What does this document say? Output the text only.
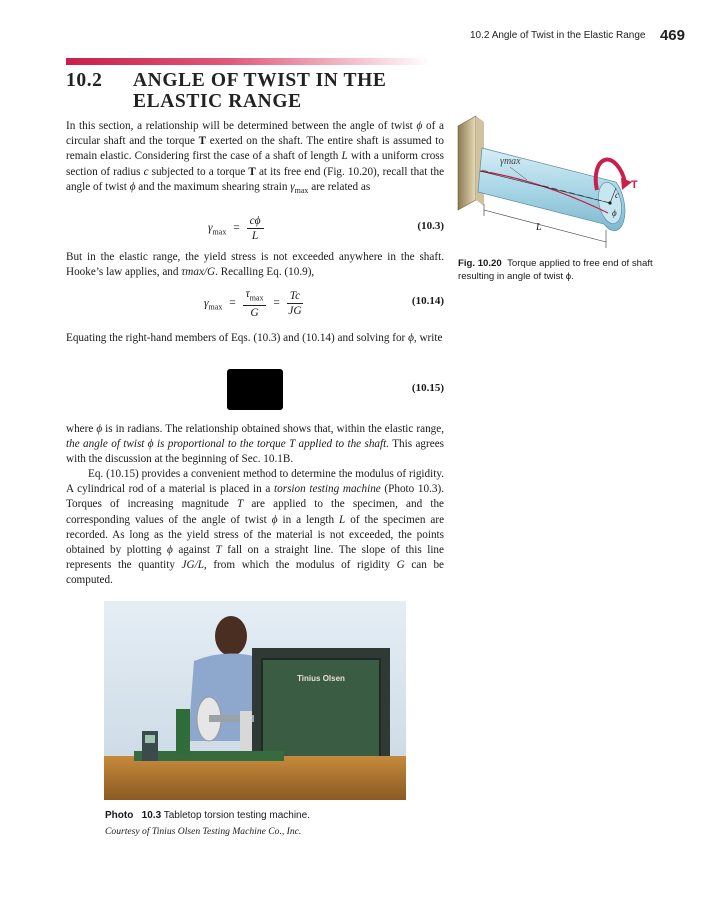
10.2 Angle of Twist in the Elastic Range 469
10.2 ANGLE OF TWIST IN THE
ELASTIC RANGE

In this section, a relationship will be determined between the angle of twist ϕ of a circular shaft and the torque T exerted on the shaft. The entire shaft is assumed to remain elastic. Considering first the case of a shaft of length L with a uniform cross section of radius c subjected to a torque T at its free end (Fig. 10.20), recall that the angle of twist ϕ and the maximum shearing strain $\gamma_{max}$ are related as

$\gamma_{max} = \frac{c\phi}{L}$	(10.3)

But in the elastic range, the yield stress is not exceeded anywhere in the shaft. Hooke’s law applies, and τmax/G. Recalling Eq. (10.9),

$\gamma_{max} = \frac{\tau_{max}}{G} = \frac{Tc}{JG}$	(10.14)

Equating the right-hand members of Eqs. (10.3) and (10.14) and solving for ϕ, write

(10.15)

where ϕ is in radians. The relationship obtained shows that, within the elastic range, the angle of twist ϕ is proportional to the torque T applied to the shaft. This agrees with the discussion at the beginning of Sec. 10.1B.

Eq. (10.15) provides a convenient method to determine the modulus of rigidity. A cylindrical rod of a material is placed in a torsion testing machine (Photo 10.3). Torques of increasing magnitude T are applied to the specimen, and the corresponding values of the angle of twist ϕ in a length L of the specimen are recorded. As long as the yield stress of the material is not exceeded, the points obtained by plotting ϕ against T fall on a straight line. The slope of this line represents the quantity JG/L, from which the modulus of rigidity G can be computed.

γmax
T
c
ϕ
L
Fig. 10.20 Torque applied to free end of shaft resulting in angle of twist ϕ.
Tinius Olsen
Photo 10.3 Tabletop torsion testing machine.
Courtesy of Tinius Olsen Testing Machine Co., Inc.
